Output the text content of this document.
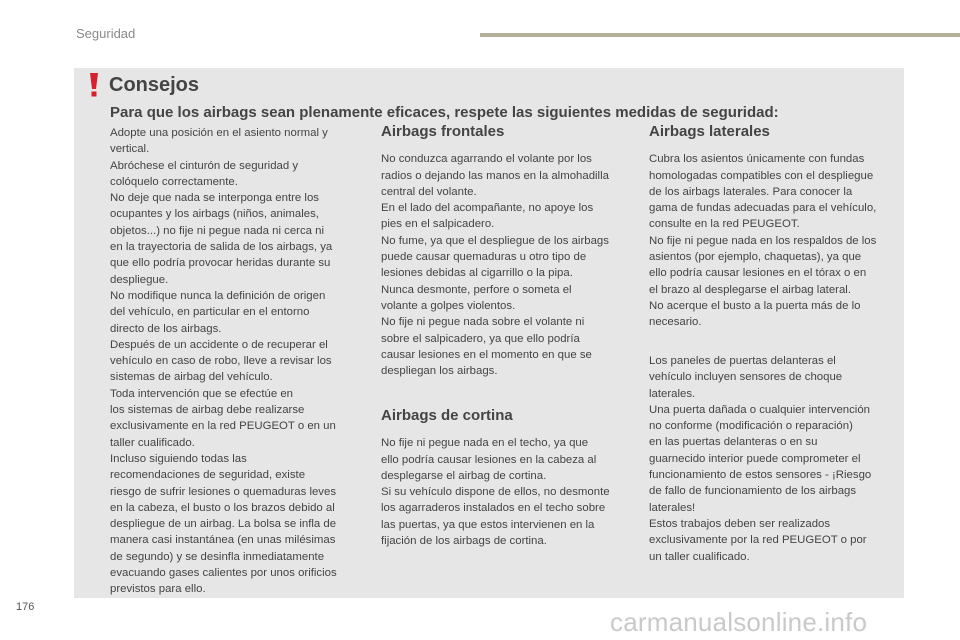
Seguridad
Consejos
Para que los airbags sean plenamente eficaces, respete las siguientes medidas de seguridad:

Adopte una posición en el asiento normal y
vertical.
Abróchese el cinturón de seguridad y
colóquelo correctamente.
No deje que nada se interponga entre los
ocupantes y los airbags (niños, animales,
objetos...) no fije ni pegue nada ni cerca ni
en la trayectoria de salida de los airbags, ya
que ello podría provocar heridas durante su
despliegue.
No modifique nunca la definición de origen
del vehículo, en particular en el entorno
directo de los airbags.
Después de un accidente o de recuperar el
vehículo en caso de robo, lleve a revisar los
sistemas de airbag del vehículo.
Toda intervención que se efectúe en
los sistemas de airbag debe realizarse
exclusivamente en la red PEUGEOT o en un
taller cualificado.
Incluso siguiendo todas las
recomendaciones de seguridad, existe
riesgo de sufrir lesiones o quemaduras leves
en la cabeza, el busto o los brazos debido al
despliegue de un airbag. La bolsa se infla de
manera casi instantánea (en unas milésimas
de segundo) y se desinfla inmediatamente
evacuando gases calientes por unos orificios
previstos para ello.

Airbags frontales

No conduzca agarrando el volante por los
radios o dejando las manos en la almohadilla
central del volante.
En el lado del acompañante, no apoye los
pies en el salpicadero.
No fume, ya que el despliegue de los airbags
puede causar quemaduras u otro tipo de
lesiones debidas al cigarrillo o la pipa.
Nunca desmonte, perfore o someta el
volante a golpes violentos.
No fije ni pegue nada sobre el volante ni
sobre el salpicadero, ya que ello podría
causar lesiones en el momento en que se
despliegan los airbags.

Airbags de cortina

No fije ni pegue nada en el techo, ya que
ello podría causar lesiones en la cabeza al
desplegarse el airbag de cortina.
Si su vehículo dispone de ellos, no desmonte
los agarraderos instalados en el techo sobre
las puertas, ya que estos intervienen en la
fijación de los airbags de cortina.

Airbags laterales

Cubra los asientos únicamente con fundas
homologadas compatibles con el despliegue
de los airbags laterales. Para conocer la
gama de fundas adecuadas para el vehículo,
consulte en la red PEUGEOT.
No fije ni pegue nada en los respaldos de los
asientos (por ejemplo, chaquetas), ya que
ello podría causar lesiones en el tórax o en
el brazo al desplegarse el airbag lateral.
No acerque el busto a la puerta más de lo
necesario.

Los paneles de puertas delanteras el
vehículo incluyen sensores de choque
laterales.
Una puerta dañada o cualquier intervención
no conforme (modificación o reparación)
en las puertas delanteras o en su
guarnecido interior puede comprometer el
funcionamiento de estos sensores - ¡Riesgo
de fallo de funcionamiento de los airbags
laterales!
Estos trabajos deben ser realizados
exclusivamente por la red PEUGEOT o por
un taller cualificado.

176	carmanualsonline.info
